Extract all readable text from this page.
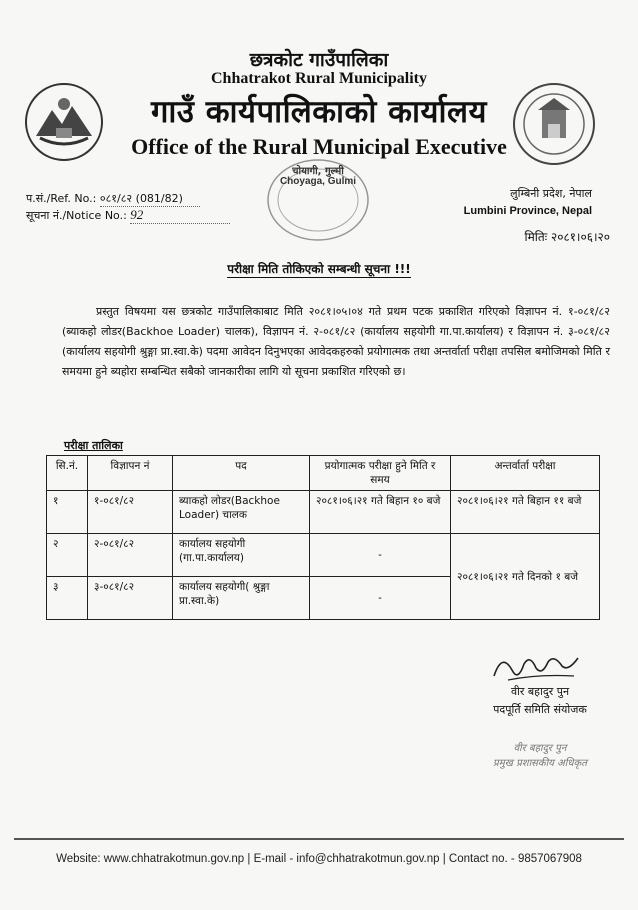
छत्रकोट गाउँपालिका
Chhatrakot Rural Municipality
गाउँ कार्यपालिकाको कार्यालय
Office of the Rural Municipal Executive
चोयागी, गुल्मी
Choyaga, Gulmi
प.सं./Ref. No.: ०८१/८२ (081/82)
सूचना नं./Notice No.: 92
लुम्बिनी प्रदेश, नेपाल
Lumbini Province, Nepal
मितिः २०८१।०६।२०
परीक्षा मिति तोकिएको सम्बन्धी सूचना !!!
प्रस्तुत विषयमा यस छत्रकोट गाउँपालिकाबाट मिति २०८१।०५।०४ गते प्रथम पटक प्रकाशित गरिएको विज्ञापन नं. १-०८१/८२ (ब्याकहो लोडर(Backhoe Loader) चालक), विज्ञापन नं. २-०८१/८२ (कार्यालय सहयोगी गा.पा.कार्यालय) र विज्ञापन नं. ३-०८१/८२ (कार्यालय सहयोगी श्रुङ्गा प्रा.स्वा.के) पदमा आवेदन दिनुभएका आवेदकहरुको प्रयोगात्मक तथा अन्तर्वार्ता परीक्षा तपसिल बमोजिमको मिति र समयमा हुने ब्यहोरा सम्बन्धित सबैको जानकारीका लागि यो सूचना प्रकाशित गरिएको छ।
परीक्षा तालिका
सि.नं.	विज्ञापन नं	पद	प्रयोगात्मक परीक्षा हुने मिति र समय	अन्तर्वार्ता परीक्षा
१	१-०८१/८२	ब्याकहो लोडर(Backhoe Loader) चालक	२०८१।०६।२१ गते बिहान १० बजे	२०८१।०६।२१ गते बिहान ११ बजे
२	२-०८१/८२	कार्यालय सहयोगी (गा.पा.कार्यालय)	-	२०८१।०६।२१ गते दिनको १ बजे
३	३-०८१/८२	कार्यालय सहयोगी( श्रुङ्गा प्रा.स्वा.के)	-	
वीर बहादुर पुन
पदपूर्ति समिति संयोजक
वीर बहादुर पुन
प्रमुख प्रशासकीय अधिकृत
Website: www.chhatrakotmun.gov.np | E-mail - info@chhatrakotmun.gov.np | Contact no. - 9857067908
